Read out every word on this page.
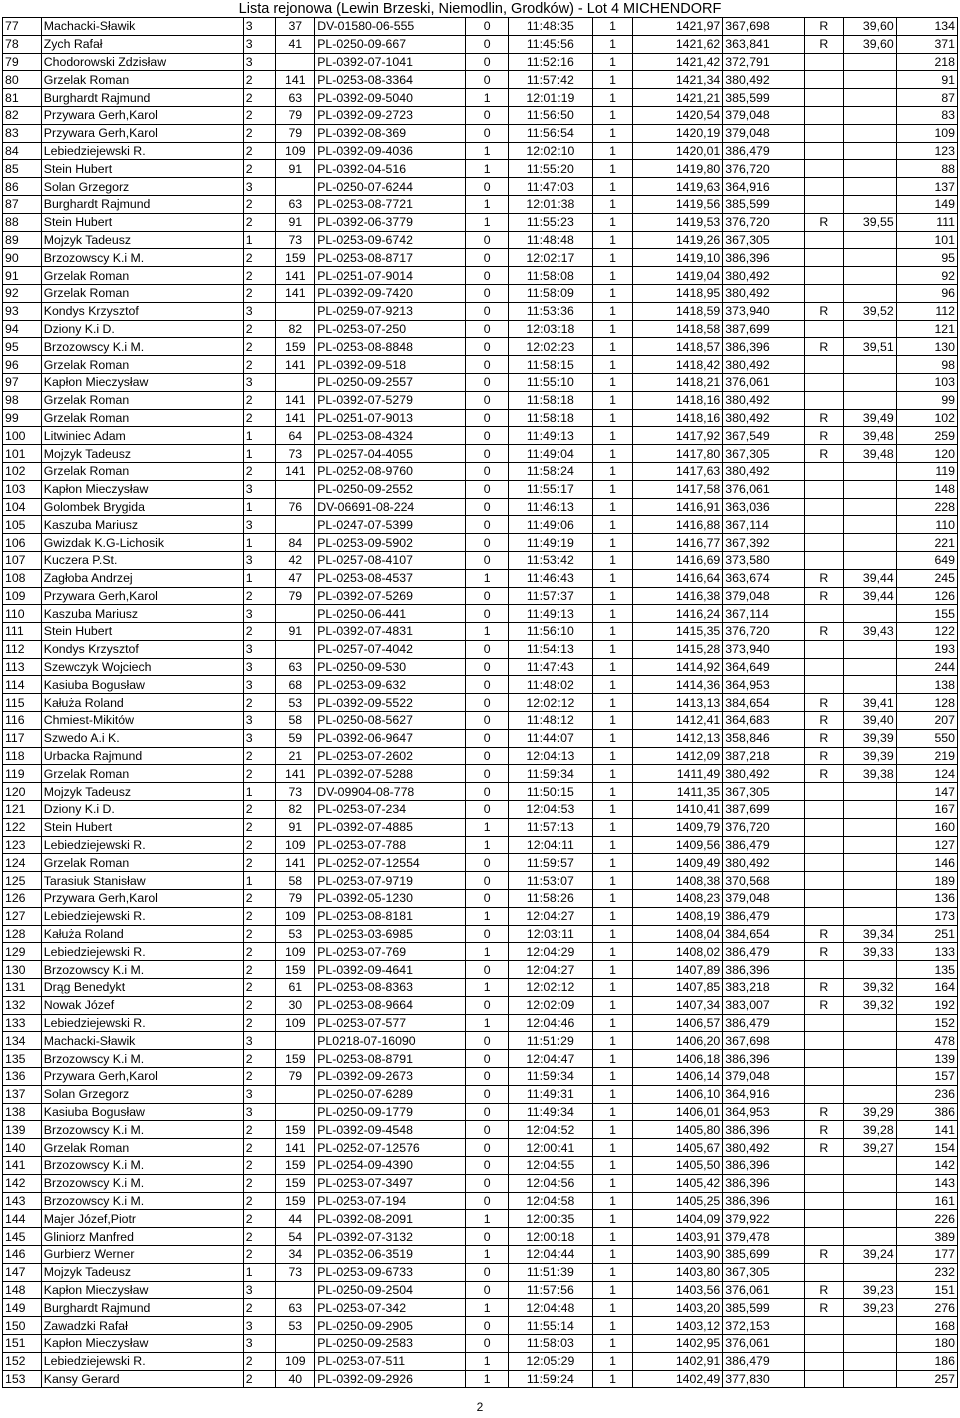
Lista rejonowa (Lewin Brzeski, Niemodlin, Grodków) - Lot 4 MICHENDORF
77	Machacki-Sławik	3	37	DV-01580-06-555	0	11:48:35	1	1421,97	367,698	R	39,60	134
78	Zych Rafał	3	41	PL-0250-09-667	0	11:45:56	1	1421,62	363,841	R	39,60	371
79	Chodorowski Zdzisław	3		PL-0392-07-1041	0	11:52:16	1	1421,42	372,791			218
80	Grzelak Roman	2	141	PL-0253-08-3364	0	11:57:42	1	1421,34	380,492			91
81	Burghardt Rajmund	2	63	PL-0392-09-5040	1	12:01:19	1	1421,21	385,599			87
82	Przywara Gerh,Karol	2	79	PL-0392-09-2723	0	11:56:50	1	1420,54	379,048			83
83	Przywara Gerh,Karol	2	79	PL-0392-08-369	0	11:56:54	1	1420,19	379,048			109
84	Lebiedziejewski R.	2	109	PL-0392-09-4036	1	12:02:10	1	1420,01	386,479			123
85	Stein Hubert	2	91	PL-0392-04-516	1	11:55:20	1	1419,80	376,720			88
86	Solan Grzegorz	3		PL-0250-07-6244	0	11:47:03	1	1419,63	364,916			137
87	Burghardt Rajmund	2	63	PL-0253-08-7721	1	12:01:38	1	1419,56	385,599			149
88	Stein Hubert	2	91	PL-0392-06-3779	1	11:55:23	1	1419,53	376,720	R	39,55	111
89	Mojzyk Tadeusz	1	73	PL-0253-09-6742	0	11:48:48	1	1419,26	367,305			101
90	Brzozowscy K.i M.	2	159	PL-0253-08-8717	0	12:02:17	1	1419,10	386,396			95
91	Grzelak Roman	2	141	PL-0251-07-9014	0	11:58:08	1	1419,04	380,492			92
92	Grzelak Roman	2	141	PL-0392-09-7420	0	11:58:09	1	1418,95	380,492			96
93	Kondys Krzysztof	3		PL-0259-07-9213	0	11:53:36	1	1418,59	373,940	R	39,52	112
94	Dziony K.i D.	2	82	PL-0253-07-250	0	12:03:18	1	1418,58	387,699			121
95	Brzozowscy K.i M.	2	159	PL-0253-08-8848	0	12:02:23	1	1418,57	386,396	R	39,51	130
96	Grzelak Roman	2	141	PL-0392-09-518	0	11:58:15	1	1418,42	380,492			98
97	Kapłon Mieczysław	3		PL-0250-09-2557	0	11:55:10	1	1418,21	376,061			103
98	Grzelak Roman	2	141	PL-0392-07-5279	0	11:58:18	1	1418,16	380,492			99
99	Grzelak Roman	2	141	PL-0251-07-9013	0	11:58:18	1	1418,16	380,492	R	39,49	102
100	Litwiniec Adam	1	64	PL-0253-08-4324	0	11:49:13	1	1417,92	367,549	R	39,48	259
101	Mojzyk Tadeusz	1	73	PL-0257-04-4055	0	11:49:04	1	1417,80	367,305	R	39,48	120
102	Grzelak Roman	2	141	PL-0252-08-9760	0	11:58:24	1	1417,63	380,492			119
103	Kapłon Mieczysław	3		PL-0250-09-2552	0	11:55:17	1	1417,58	376,061			148
104	Golombek Brygida	1	76	DV-06691-08-224	0	11:46:13	1	1416,91	363,036			228
105	Kaszuba Mariusz	3		PL-0247-07-5399	0	11:49:06	1	1416,88	367,114			110
106	Gwizdak K.G-Lichosik	1	84	PL-0253-09-5902	0	11:49:19	1	1416,77	367,392			221
107	Kuczera P.St.	3	42	PL-0257-08-4107	0	11:53:42	1	1416,69	373,580			649
108	Zagłoba Andrzej	1	47	PL-0253-08-4537	1	11:46:43	1	1416,64	363,674	R	39,44	245
109	Przywara Gerh,Karol	2	79	PL-0392-07-5269	0	11:57:37	1	1416,38	379,048	R	39,44	126
110	Kaszuba Mariusz	3		PL-0250-06-441	0	11:49:13	1	1416,24	367,114			155
111	Stein Hubert	2	91	PL-0392-07-4831	1	11:56:10	1	1415,35	376,720	R	39,43	122
112	Kondys Krzysztof	3		PL-0257-07-4042	0	11:54:13	1	1415,28	373,940			193
113	Szewczyk Wojciech	3	63	PL-0250-09-530	0	11:47:43	1	1414,92	364,649			244
114	Kasiuba Bogusław	3	68	PL-0253-09-632	0	11:48:02	1	1414,36	364,953			138
115	Kałuża Roland	2	53	PL-0392-09-5522	0	12:02:12	1	1413,13	384,654	R	39,41	128
116	Chmiest-Mikitów	3	58	PL-0250-08-5627	0	11:48:12	1	1412,41	364,683	R	39,40	207
117	Szwedo A.i K.	3	59	PL-0392-06-9647	0	11:44:07	1	1412,13	358,846	R	39,39	550
118	Urbacka Rajmund	2	21	PL-0253-07-2602	0	12:04:13	1	1412,09	387,218	R	39,39	219
119	Grzelak Roman	2	141	PL-0392-07-5288	0	11:59:34	1	1411,49	380,492	R	39,38	124
120	Mojzyk Tadeusz	1	73	DV-09904-08-778	0	11:50:15	1	1411,35	367,305			147
121	Dziony K.i D.	2	82	PL-0253-07-234	0	12:04:53	1	1410,41	387,699			167
122	Stein Hubert	2	91	PL-0392-07-4885	1	11:57:13	1	1409,79	376,720			160
123	Lebiedziejewski R.	2	109	PL-0253-07-788	1	12:04:11	1	1409,56	386,479			127
124	Grzelak Roman	2	141	PL-0252-07-12554	0	11:59:57	1	1409,49	380,492			146
125	Tarasiuk Stanisław	1	58	PL-0253-07-9719	0	11:53:07	1	1408,38	370,568			189
126	Przywara Gerh,Karol	2	79	PL-0392-05-1230	0	11:58:26	1	1408,23	379,048			136
127	Lebiedziejewski R.	2	109	PL-0253-08-8181	1	12:04:27	1	1408,19	386,479			173
128	Kałuża Roland	2	53	PL-0253-03-6985	0	12:03:11	1	1408,04	384,654	R	39,34	251
129	Lebiedziejewski R.	2	109	PL-0253-07-769	1	12:04:29	1	1408,02	386,479	R	39,33	133
130	Brzozowscy K.i M.	2	159	PL-0392-09-4641	0	12:04:27	1	1407,89	386,396			135
131	Drąg Benedykt	2	61	PL-0253-08-8363	1	12:02:12	1	1407,85	383,218	R	39,32	164
132	Nowak Józef	2	30	PL-0253-08-9664	0	12:02:09	1	1407,34	383,007	R	39,32	192
133	Lebiedziejewski R.	2	109	PL-0253-07-577	1	12:04:46	1	1406,57	386,479			152
134	Machacki-Sławik	3		PL0218-07-16090	0	11:51:29	1	1406,20	367,698			478
135	Brzozowscy K.i M.	2	159	PL-0253-08-8791	0	12:04:47	1	1406,18	386,396			139
136	Przywara Gerh,Karol	2	79	PL-0392-09-2673	0	11:59:34	1	1406,14	379,048			157
137	Solan Grzegorz	3		PL-0250-07-6289	0	11:49:31	1	1406,10	364,916			236
138	Kasiuba Bogusław	3		PL-0250-09-1779	0	11:49:34	1	1406,01	364,953	R	39,29	386
139	Brzozowscy K.i M.	2	159	PL-0392-09-4548	0	12:04:52	1	1405,80	386,396	R	39,28	141
140	Grzelak Roman	2	141	PL-0252-07-12576	0	12:00:41	1	1405,67	380,492	R	39,27	154
141	Brzozowscy K.i M.	2	159	PL-0254-09-4390	0	12:04:55	1	1405,50	386,396			142
142	Brzozowscy K.i M.	2	159	PL-0253-07-3497	0	12:04:56	1	1405,42	386,396			143
143	Brzozowscy K.i M.	2	159	PL-0253-07-194	0	12:04:58	1	1405,25	386,396			161
144	Majer Józef,Piotr	2	44	PL-0392-08-2091	1	12:00:35	1	1404,09	379,922			226
145	Gliniorz Manfred	2	54	PL-0392-07-3132	0	12:00:18	1	1403,91	379,478			389
146	Gurbierz Werner	2	34	PL-0352-06-3519	1	12:04:44	1	1403,90	385,699	R	39,24	177
147	Mojzyk Tadeusz	1	73	PL-0253-09-6733	0	11:51:39	1	1403,80	367,305			232
148	Kapłon Mieczysław	3		PL-0250-09-2504	0	11:57:56	1	1403,56	376,061	R	39,23	151
149	Burghardt Rajmund	2	63	PL-0253-07-342	1	12:04:48	1	1403,20	385,599	R	39,23	276
150	Zawadzki Rafał	3	53	PL-0250-09-2905	0	11:55:14	1	1403,12	372,153			168
151	Kapłon Mieczysław	3		PL-0250-09-2583	0	11:58:03	1	1402,95	376,061			180
152	Lebiedziejewski R.	2	109	PL-0253-07-511	1	12:05:29	1	1402,91	386,479			186
153	Kansy Gerard	2	40	PL-0392-09-2926	1	11:59:24	1	1402,49	377,830			257
2
